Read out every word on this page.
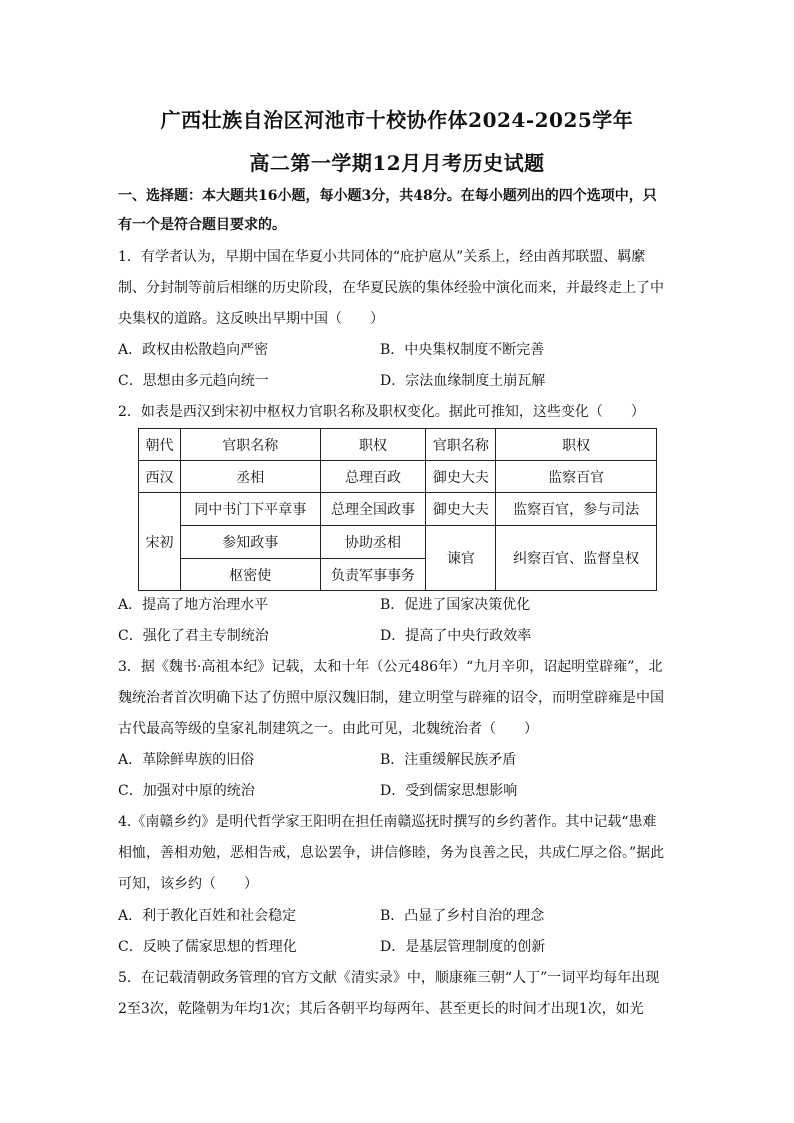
广西壮族自治区河池市十校协作体2024-2025学年
高二第一学期12月月考历史试题
一、选择题：本大题共16小题，每小题3分，共48分。在每小题列出的四个选项中，只
有一个是符合题目要求的。
1．有学者认为，早期中国在华夏小共同体的“庇护扈从”关系上，经由酋邦联盟、羁縻
制、分封制等前后相继的历史阶段，在华夏民族的集体经验中演化而来，并最终走上了中
央集权的道路。这反映出早期中国（　　）
A．政权由松散趋向严密	B．中央集权制度不断完善
C．思想由多元趋向统一	D．宗法血缘制度土崩瓦解
2．如表是西汉到宋初中枢权力官职名称及职权变化。据此可推知，这些变化（　　）
朝代	官职名称	职权	官职名称	职权
西汉	丞相	总理百政	御史大夫	监察百官
宋初	同中书门下平章事	总理全国政事	御史大夫	监察百官，参与司法
	参知政事	协助丞相	谏官	纠察百官、监督皇权
	枢密使	负责军事事务		
A．提高了地方治理水平	B．促进了国家决策优化
C．强化了君主专制统治	D．提高了中央行政效率
3．据《魏书·高祖本纪》记载，太和十年（公元486年）“九月辛卯，诏起明堂辟雍”，北
魏统治者首次明确下达了仿照中原汉魏旧制，建立明堂与辟雍的诏令，而明堂辟雍是中国
古代最高等级的皇家礼制建筑之一。由此可见，北魏统治者（　　）
A．革除鲜卑族的旧俗	B．注重缓解民族矛盾
C．加强对中原的统治	D．受到儒家思想影响
4.《南赣乡约》是明代哲学家王阳明在担任南赣巡抚时撰写的乡约著作。其中记载“患难
相恤，善相劝勉，恶相告戒，息讼罢争，讲信修睦，务为良善之民，共成仁厚之俗。”据此
可知，该乡约（　　）
A．利于教化百姓和社会稳定	B．凸显了乡村自治的理念
C．反映了儒家思想的哲理化	D．是基层管理制度的创新
5．在记载清朝政务管理的官方文献《清实录》中，顺康雍三朝“人丁”一词平均每年出现
2至3次，乾隆朝为年均1次；其后各朝平均每两年、甚至更长的时间才出现1次，如光
